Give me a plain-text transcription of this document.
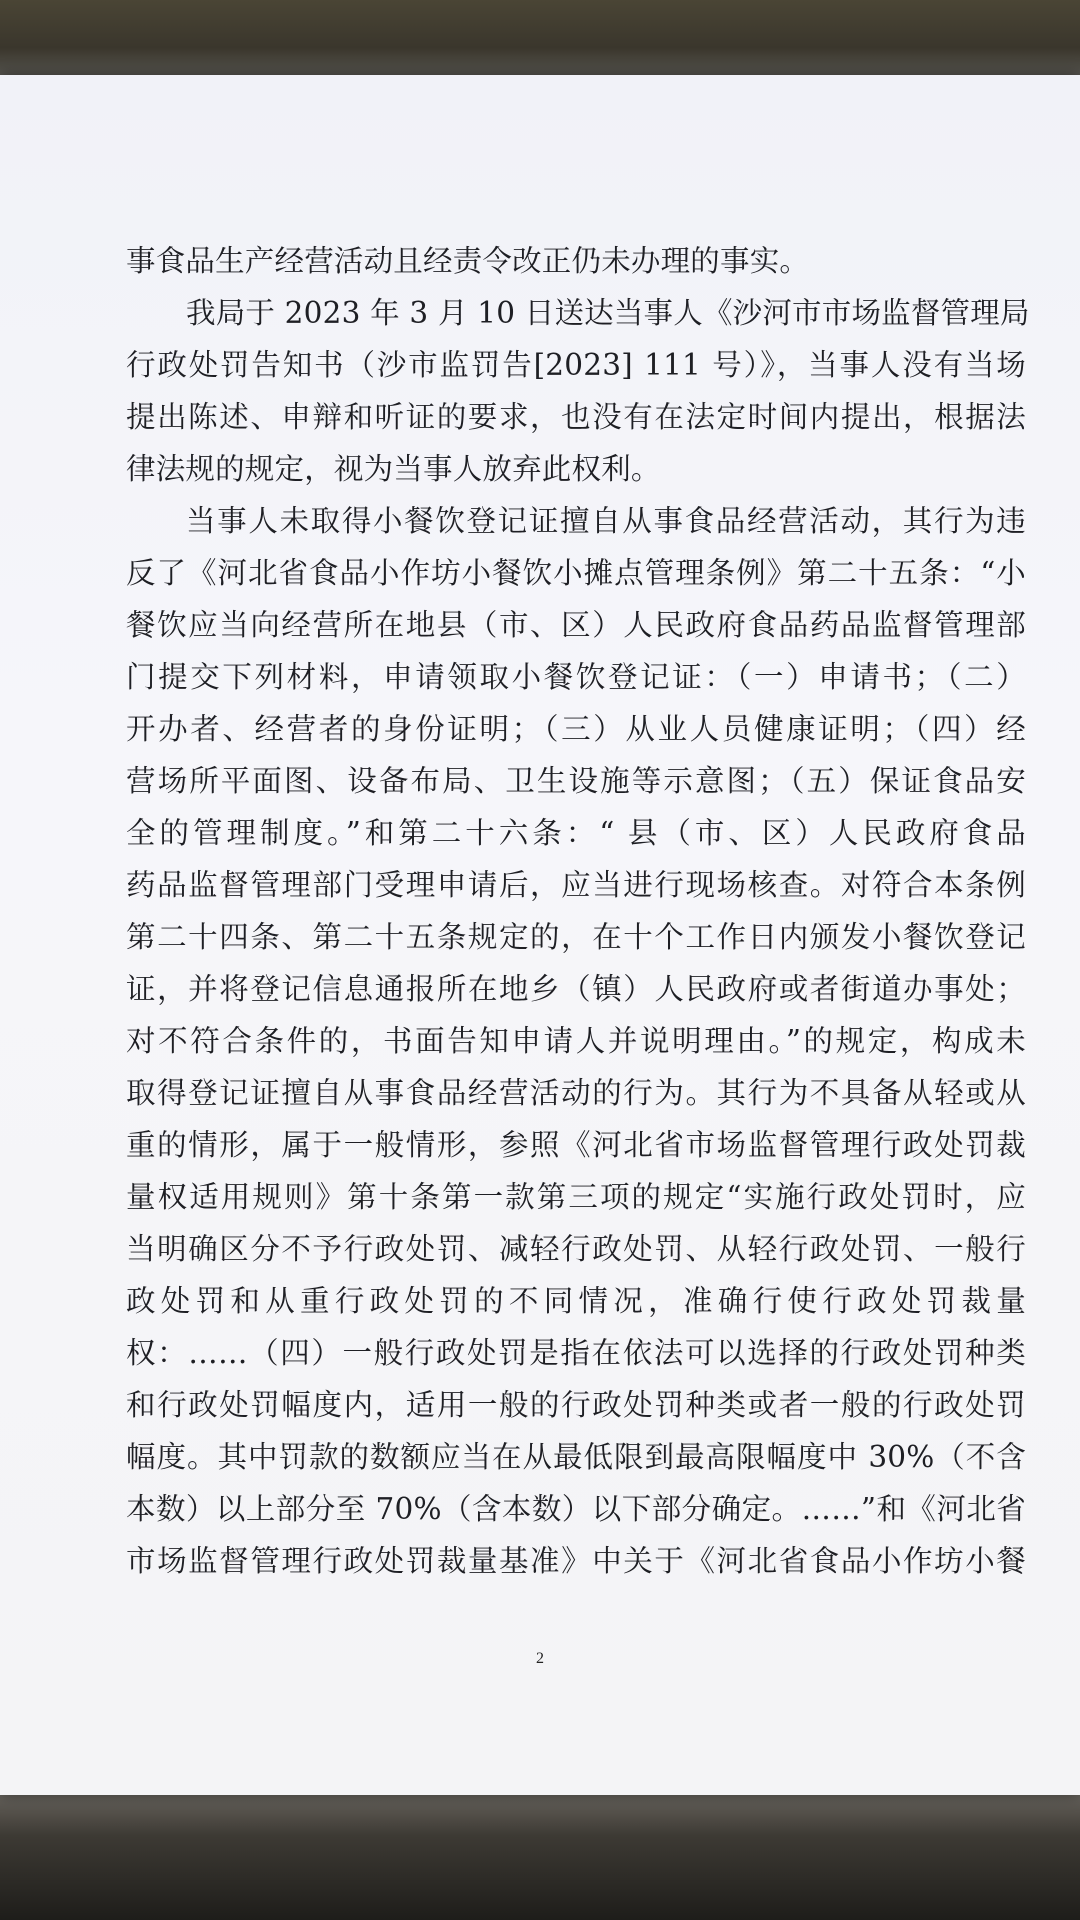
事食品生产经营活动且经责令改正仍未办理的事实。
我局于 2023 年 3 月 10 日送达当事人《沙河市市场监督管理局
行政处罚告知书（沙市监罚告[2023] 111 号）》，当事人没有当场
提出陈述、申辩和听证的要求，也没有在法定时间内提出，根据法
律法规的规定，视为当事人放弃此权利。
当事人未取得小餐饮登记证擅自从事食品经营活动，其行为违
反了《河北省食品小作坊小餐饮小摊点管理条例》第二十五条：“小
餐饮应当向经营所在地县（市、区）人民政府食品药品监督管理部
门提交下列材料，申请领取小餐饮登记证：（一）申请书；（二）
开办者、经营者的身份证明；（三）从业人员健康证明；（四）经
营场所平面图、设备布局、卫生设施等示意图；（五）保证食品安
全的管理制度。”和第二十六条：“ 县（市、区）人民政府食品
药品监督管理部门受理申请后，应当进行现场核查。对符合本条例
第二十四条、第二十五条规定的，在十个工作日内颁发小餐饮登记
证，并将登记信息通报所在地乡（镇）人民政府或者街道办事处；
对不符合条件的，书面告知申请人并说明理由。”的规定，构成未
取得登记证擅自从事食品经营活动的行为。其行为不具备从轻或从
重的情形，属于一般情形，参照《河北省市场监督管理行政处罚裁
量权适用规则》第十条第一款第三项的规定“实施行政处罚时，应
当明确区分不予行政处罚、减轻行政处罚、从轻行政处罚、一般行
政处罚和从重行政处罚的不同情况，准确行使行政处罚裁量
权：……（四）一般行政处罚是指在依法可以选择的行政处罚种类
和行政处罚幅度内，适用一般的行政处罚种类或者一般的行政处罚
幅度。其中罚款的数额应当在从最低限到最高限幅度中 30%（不含
本数）以上部分至 70%（含本数）以下部分确定。……”和《河北省
市场监督管理行政处罚裁量基准》中关于《河北省食品小作坊小餐
2
